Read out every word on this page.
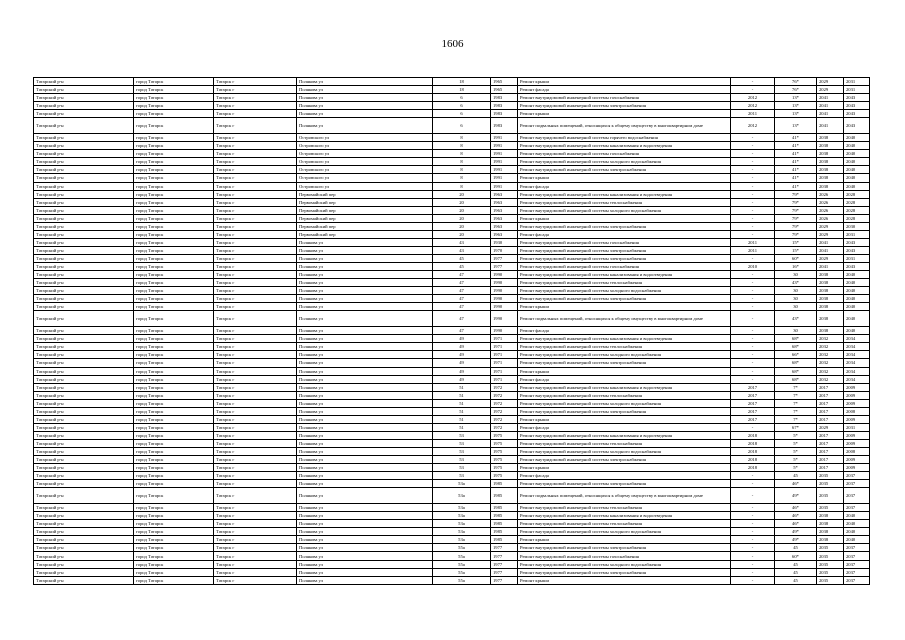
1606
Татарский р-н	город Татарск	Татарск г	Полякова ул	18	1965	Ремонт крыши	-	76*	2029	2031
Татарский р-н	город Татарск	Татарск г	Полякова ул	18	1965	Ремонт фасада	-	76*	2029	2031
Татарский р-н	город Татарск	Татарск г	Полякова ул	6	1983	Ремонт внутридомовой инженерной системы газоснабжения	2012	13*	2041	2043
Татарский р-н	город Татарск	Татарск г	Полякова ул	6	1983	Ремонт внутридомовой инженерной системы электроснабжения	2012	13*	2041	2043
Татарский р-н	город Татарск	Татарск г	Полякова ул	6	1983	Ремонт крыши	2011	13*	2041	2043
Татарский р-н	город Татарск	Татарск г	Полякова ул	6	1983	Ремонт подвальных помещений, относящихся к общему имуществу в многоквартирном доме	2012	13*	2041	2043
Татарский р-н	город Татарск	Татарск г	Островского ул	8	1991	Ремонт внутридомовой инженерной системы горячего водоснабжения	-	41*	2038	2040
Татарский р-н	город Татарск	Татарск г	Островского ул	8	1991	Ремонт внутридомовой инженерной системы канализования и водоотведения	-	41*	2038	2040
Татарский р-н	город Татарск	Татарск г	Островского ул	8	1991	Ремонт внутридомовой инженерной системы газоснабжения	-	41*	2038	2040
Татарский р-н	город Татарск	Татарск г	Островского ул	8	1991	Ремонт внутридомовой инженерной системы холодного водоснабжения	-	41*	2038	2040
Татарский р-н	город Татарск	Татарск г	Островского ул	8	1991	Ремонт внутридомовой инженерной системы электроснабжения	-	41*	2038	2040
Татарский р-н	город Татарск	Татарск г	Островского ул	8	1991	Ремонт крыши	-	41*	2038	2040
Татарский р-н	город Татарск	Татарск г	Островского ул	8	1991	Ремонт фасада	-	41*	2038	2040
Татарский р-н	город Татарск	Татарск г	Первомайский пер	20	1963	Ремонт внутридомовой инженерной системы канализования и водоотведения	-	79*	2026	2028
Татарский р-н	город Татарск	Татарск г	Первомайский пер	20	1963	Ремонт внутридомовой инженерной системы теплоснабжения	-	79*	2026	2028
Татарский р-н	город Татарск	Татарск г	Первомайский пер	20	1963	Ремонт внутридомовой инженерной системы холодного водоснабжения	-	79*	2026	2028
Татарский р-н	город Татарск	Татарск г	Первомайский пер	20	1963	Ремонт крыши	-	79*	2026	2028
Татарский р-н	город Татарск	Татарск г	Первомайский пер	20	1963	Ремонт внутридомовой инженерной системы электроснабжения	-	79*	2029	2030
Татарский р-н	город Татарск	Татарск г	Первомайский пер	20	1963	Ремонт фасада	-	79*	2029	2031
Татарский р-н	город Татарск	Татарск г	Полякова ул	43	1930	Ремонт внутридомовой инженерной системы газоснабжения	2011	15*	2041	2043
Татарский р-н	город Татарск	Татарск г	Полякова ул	43	1970	Ремонт внутридомовой инженерной системы электроснабжения	2011	15*	2041	2043
Татарский р-н	город Татарск	Татарск г	Полякова ул	45	1977	Ремонт внутридомовой инженерной системы электроснабжения	-	60*	2029	2031
Татарский р-н	город Татарск	Татарск г	Полякова ул	45	1977	Ремонт внутридомовой инженерной системы газоснабжения	2010	16*	2041	2043
Татарский р-н	город Татарск	Татарск г	Полякова ул	47	1990	Ремонт внутридомовой инженерной системы канализования и водоотведения	-	30	2038	2040
Татарский р-н	город Татарск	Татарск г	Полякова ул	47	1990	Ремонт внутридомовой инженерной системы теплоснабжения	-	43*	2038	2040
Татарский р-н	город Татарск	Татарск г	Полякова ул	47	1990	Ремонт внутридомовой инженерной системы холодного водоснабжения	-	30	2038	2040
Татарский р-н	город Татарск	Татарск г	Полякова ул	47	1990	Ремонт внутридомовой инженерной системы электроснабжения	-	30	2038	2040
Татарский р-н	город Татарск	Татарск г	Полякова ул	47	1990	Ремонт крыши	-	30	2038	2040
Татарский р-н	город Татарск	Татарск г	Полякова ул	47	1990	Ремонт подвальных помещений, относящихся к общему имуществу в многоквартирном доме	-	43*	2038	2040
Татарский р-н	город Татарск	Татарск г	Полякова ул	47	1990	Ремонт фасада	-	30	2038	2040
Татарский р-н	город Татарск	Татарск г	Полякова ул	49	1971	Ремонт внутридомовой инженерной системы канализования и водоотведения	-	68*	2032	2034
Татарский р-н	город Татарск	Татарск г	Полякова ул	49	1971	Ремонт внутридомовой инженерной системы теплоснабжения	-	68*	2032	2034
Татарский р-н	город Татарск	Татарск г	Полякова ул	49	1971	Ремонт внутридомовой инженерной системы холодного водоснабжения	-	66*	2032	2034
Татарский р-н	город Татарск	Татарск г	Полякова ул	49	1971	Ремонт внутридомовой инженерной системы электроснабжения	-	68*	2032	2034
Татарский р-н	город Татарск	Татарск г	Полякова ул	49	1971	Ремонт крыши	-	68*	2032	2034
Татарский р-н	город Татарск	Татарск г	Полякова ул	49	1971	Ремонт фасада	-	68*	2032	2034
Татарский р-н	город Татарск	Татарск г	Полякова ул	51	1972	Ремонт внутридомовой инженерной системы канализования и водоотведения	2017	7*	2017	2009
Татарский р-н	город Татарск	Татарск г	Полякова ул	51	1972	Ремонт внутридомовой инженерной системы теплоснабжения	2017	7*	2017	2009
Татарский р-н	город Татарск	Татарск г	Полякова ул	51	1972	Ремонт внутридомовой инженерной системы холодного водоснабжения	2017	7*	2017	2009
Татарский р-н	город Татарск	Татарск г	Полякова ул	51	1972	Ремонт внутридомовой инженерной системы электроснабжения	2017	7*	2017	2008
Татарский р-н	город Татарск	Татарск г	Полякова ул	51	1972	Ремонт крыши	2017	7*	2017	2009
Татарский р-н	город Татарск	Татарск г	Полякова ул	51	1972	Ремонт фасада	-	67*	2029	2031
Татарский р-н	город Татарск	Татарск г	Полякова ул	53	1975	Ремонт внутридомовой инженерной системы канализования и водоотведения	2018	5*	2017	2009
Татарский р-н	город Татарск	Татарск г	Полякова ул	53	1975	Ремонт внутридомовой инженерной системы теплоснабжения	2018	5*	2017	2009
Татарский р-н	город Татарск	Татарск г	Полякова ул	53	1975	Ремонт внутридомовой инженерной системы холодного водоснабжения	2018	5*	2017	2008
Татарский р-н	город Татарск	Татарск г	Полякова ул	53	1975	Ремонт внутридомовой инженерной системы электроснабжения	2018	5*	2017	2009
Татарский р-н	город Татарск	Татарск г	Полякова ул	53	1975	Ремонт крыши	2018	5*	2017	2009
Татарский р-н	город Татарск	Татарск г	Полякова ул	53	1975	Ремонт фасада	-	45	2035	2037
Татарский р-н	город Татарск	Татарск г	Полякова ул	53а	1985	Ремонт внутридомовой инженерной системы электроснабжения	-	46*	2035	2037
Татарский р-н	город Татарск	Татарск г	Полякова ул	53а	1985	Ремонт подвальных помещений, относящихся к общему имуществу в многоквартирном доме	-	49*	2035	2037
Татарский р-н	город Татарск	Татарск г	Полякова ул	53а	1985	Ремонт внутридомовой инженерной системы теплоснабжения	-	46*	2035	2037
Татарский р-н	город Татарск	Татарск г	Полякова ул	53а	1985	Ремонт внутридомовой инженерной системы канализования и водоотведения	-	46*	2038	2040
Татарский р-н	город Татарск	Татарск г	Полякова ул	53а	1985	Ремонт внутридомовой инженерной системы теплоснабжения	-	46*	2038	2040
Татарский р-н	город Татарск	Татарск г	Полякова ул	53а	1985	Ремонт внутридомовой инженерной системы холодного водоснабжения	-	49*	2038	2040
Татарский р-н	город Татарск	Татарск г	Полякова ул	53а	1985	Ремонт крыши	-	49*	2038	2040
Татарский р-н	город Татарск	Татарск г	Полякова ул	55а	1977	Ремонт внутридомовой инженерной системы электроснабжения	-	45	2035	2037
Татарский р-н	город Татарск	Татарск г	Полякова ул	55а	1977	Ремонт внутридомовой инженерной системы газоснабжения	-	60*	2035	2037
Татарский р-н	город Татарск	Татарск г	Полякова ул	55а	1977	Ремонт внутридомовой инженерной системы холодного водоснабжения	-	45	2035	2037
Татарский р-н	город Татарск	Татарск г	Полякова ул	55а	1977	Ремонт внутридомовой инженерной системы электроснабжения	-	45	2035	2037
Татарский р-н	город Татарск	Татарск г	Полякова ул	55а	1977	Ремонт крыши	-	45	2035	2037
